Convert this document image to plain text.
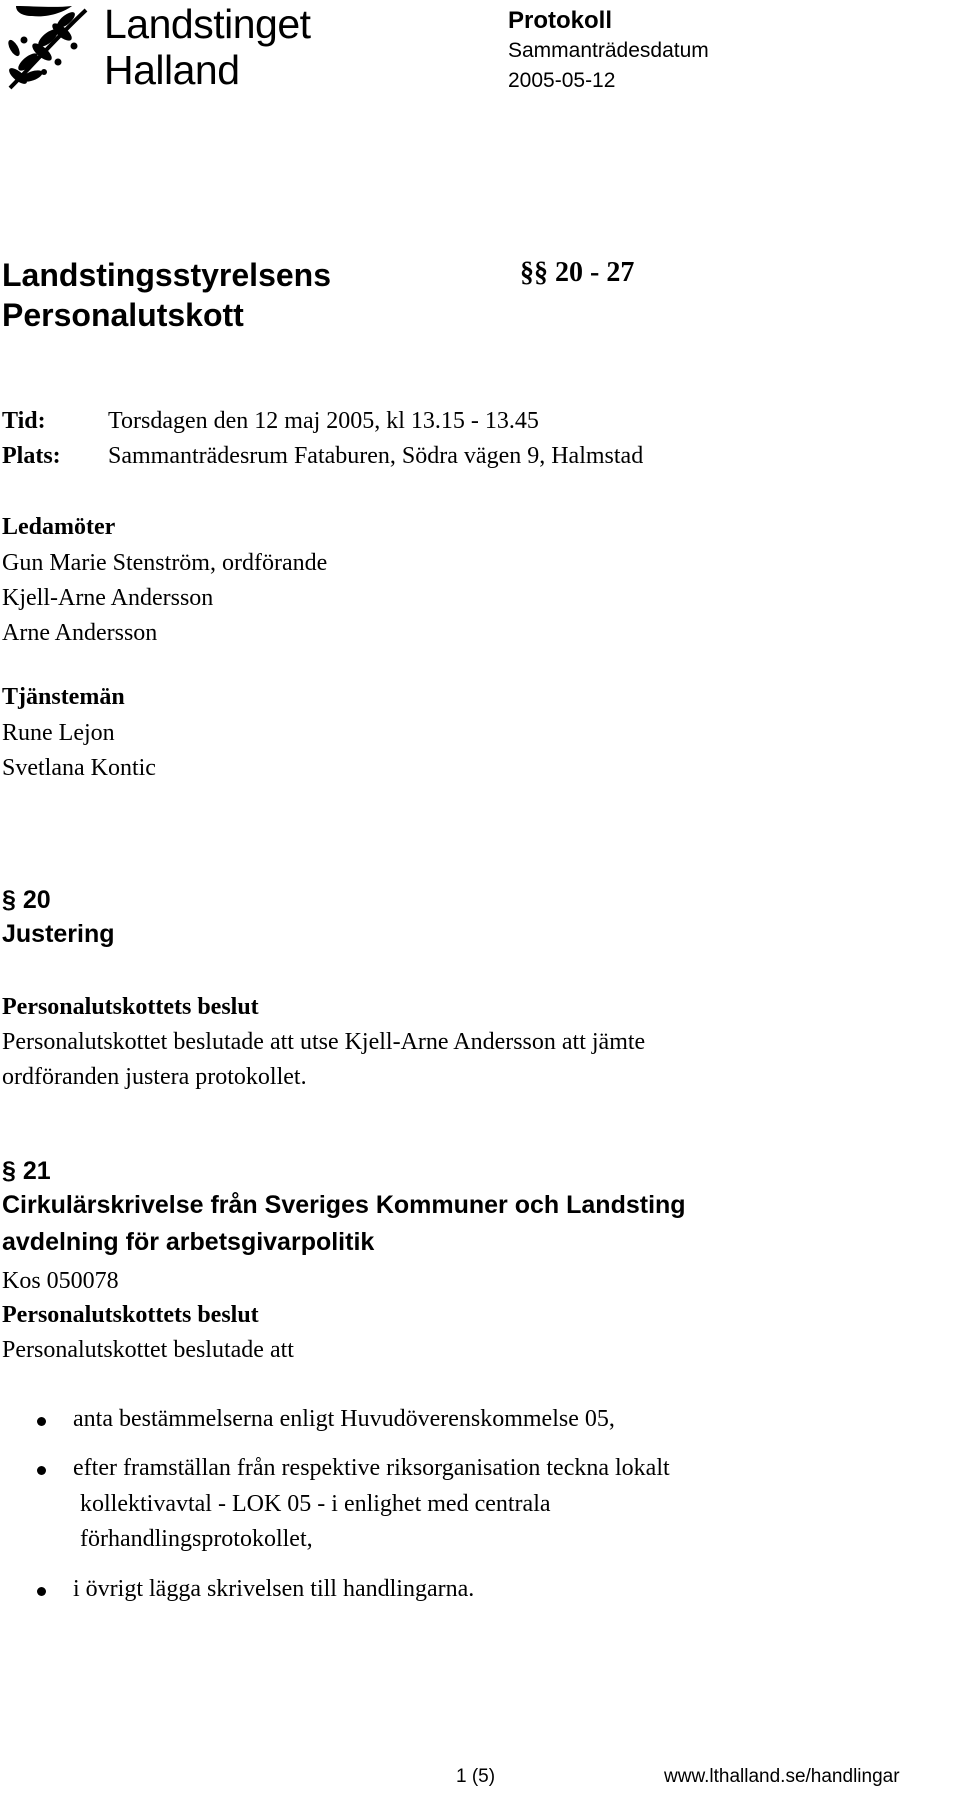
Landstinget
Halland
Protokoll
Sammanträdesdatum
2005-05-12
Landstingsstyrelsens
Personalutskott
§§ 20 - 27
Tid:	Torsdagen den 12 maj 2005, kl 13.15 - 13.45
Plats: Sammanträdesrum Fataburen, Södra vägen 9, Halmstad
Ledamöter
Gun Marie Stenström, ordförande
Kjell-Arne Andersson
Arne Andersson
Tjänstemän
Rune Lejon
Svetlana Kontic
§ 20
Justering
Personalutskottets beslut
Personalutskottet beslutade att utse Kjell-Arne Andersson att jämte
ordföranden justera protokollet.
§ 21
Cirkulärskrivelse från Sveriges Kommuner och Landsting
avdelning för arbetsgivarpolitik
Kos 050078
Personalutskottets beslut
Personalutskottet beslutade att
anta bestämmelserna enligt Huvudöverenskommelse 05,
efter framställan från respektive riksorganisation teckna lokalt
kollektivavtal - LOK 05 - i enlighet med centrala
förhandlingsprotokollet,
i övrigt lägga skrivelsen till handlingarna.
1 (5)	www.lthalland.se/handlingar
